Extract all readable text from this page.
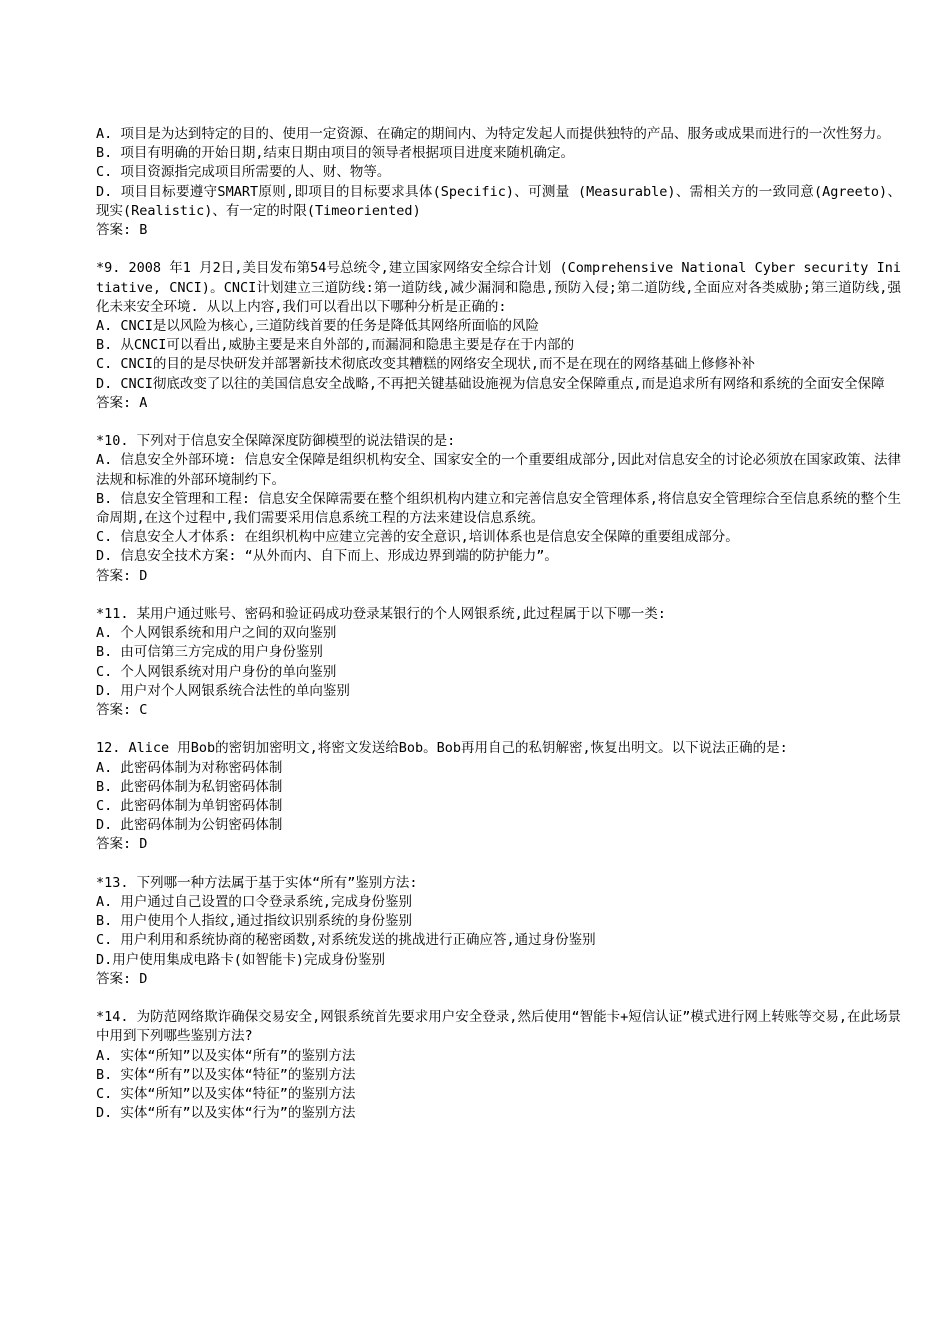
A. 项目是为达到特定的目的、使用一定资源、在确定的期间内、为特定发起人而提供独特的产品、服务或成果而进行的一次性努力。
B. 项目有明确的开始日期,结束日期由项目的领导者根据项目进度来随机确定。
C. 项目资源指完成项目所需要的人、财、物等。
D. 项目目标要遵守SMART原则,即项目的目标要求具体(Specific)、可测量 (Measurable)、需相关方的一致同意(Agreeto)、现实(Realistic)、有一定的时限(Timeoriented)
答案: B
*9. 2008 年1 月2日,美目发布第54号总统令,建立国家网络安全综合计划 (Comprehensive National Cyber security Initiative, CNCI)。CNCI计划建立三道防线:第一道防线,减少漏洞和隐患,预防入侵;第二道防线,全面应对各类威胁;第三道防线,强化未来安全环境. 从以上内容,我们可以看出以下哪种分析是正确的:
A. CNCI是以风险为核心,三道防线首要的任务是降低其网络所面临的风险
B. 从CNCI可以看出,威胁主要是来自外部的,而漏洞和隐患主要是存在于内部的
C. CNCI的目的是尽快研发并部署新技术彻底改变其糟糕的网络安全现状,而不是在现在的网络基础上修修补补
D. CNCI彻底改变了以往的美国信息安全战略,不再把关键基础设施视为信息安全保障重点,而是追求所有网络和系统的全面安全保障
答案: A
*10. 下列对于信息安全保障深度防御模型的说法错误的是:
A. 信息安全外部环境: 信息安全保障是组织机构安全、国家安全的一个重要组成部分,因此对信息安全的讨论必须放在国家政策、法律法规和标准的外部环境制约下。
B. 信息安全管理和工程: 信息安全保障需要在整个组织机构内建立和完善信息安全管理体系,将信息安全管理综合至信息系统的整个生命周期,在这个过程中,我们需要采用信息系统工程的方法来建设信息系统。
C. 信息安全人才体系: 在组织机构中应建立完善的安全意识,培训体系也是信息安全保障的重要组成部分。
D. 信息安全技术方案: “从外而内、自下而上、形成边界到端的防护能力”。
答案: D
*11. 某用户通过账号、密码和验证码成功登录某银行的个人网银系统,此过程属于以下哪一类:
A. 个人网银系统和用户之间的双向鉴别
B. 由可信第三方完成的用户身份鉴别
C. 个人网银系统对用户身份的单向鉴别
D. 用户对个人网银系统合法性的单向鉴别
答案: C
12. Alice 用Bob的密钥加密明文,将密文发送给Bob。Bob再用自己的私钥解密,恢复出明文。以下说法正确的是:
A. 此密码体制为对称密码体制
B. 此密码体制为私钥密码体制
C. 此密码体制为单钥密码体制
D. 此密码体制为公钥密码体制
答案: D
*13. 下列哪一种方法属于基于实体“所有”鉴别方法:
A. 用户通过自己设置的口令登录系统,完成身份鉴别
B. 用户使用个人指纹,通过指纹识别系统的身份鉴别
C. 用户利用和系统协商的秘密函数,对系统发送的挑战进行正确应答,通过身份鉴别
D.用户使用集成电路卡(如智能卡)完成身份鉴别
答案: D
*14. 为防范网络欺诈确保交易安全,网银系统首先要求用户安全登录,然后使用“智能卡+短信认证”模式进行网上转账等交易,在此场景中用到下列哪些鉴别方法?
A. 实体“所知”以及实体“所有”的鉴别方法
B. 实体“所有”以及实体“特征”的鉴别方法
C. 实体“所知”以及实体“特征”的鉴别方法
D. 实体“所有”以及实体“行为”的鉴别方法
